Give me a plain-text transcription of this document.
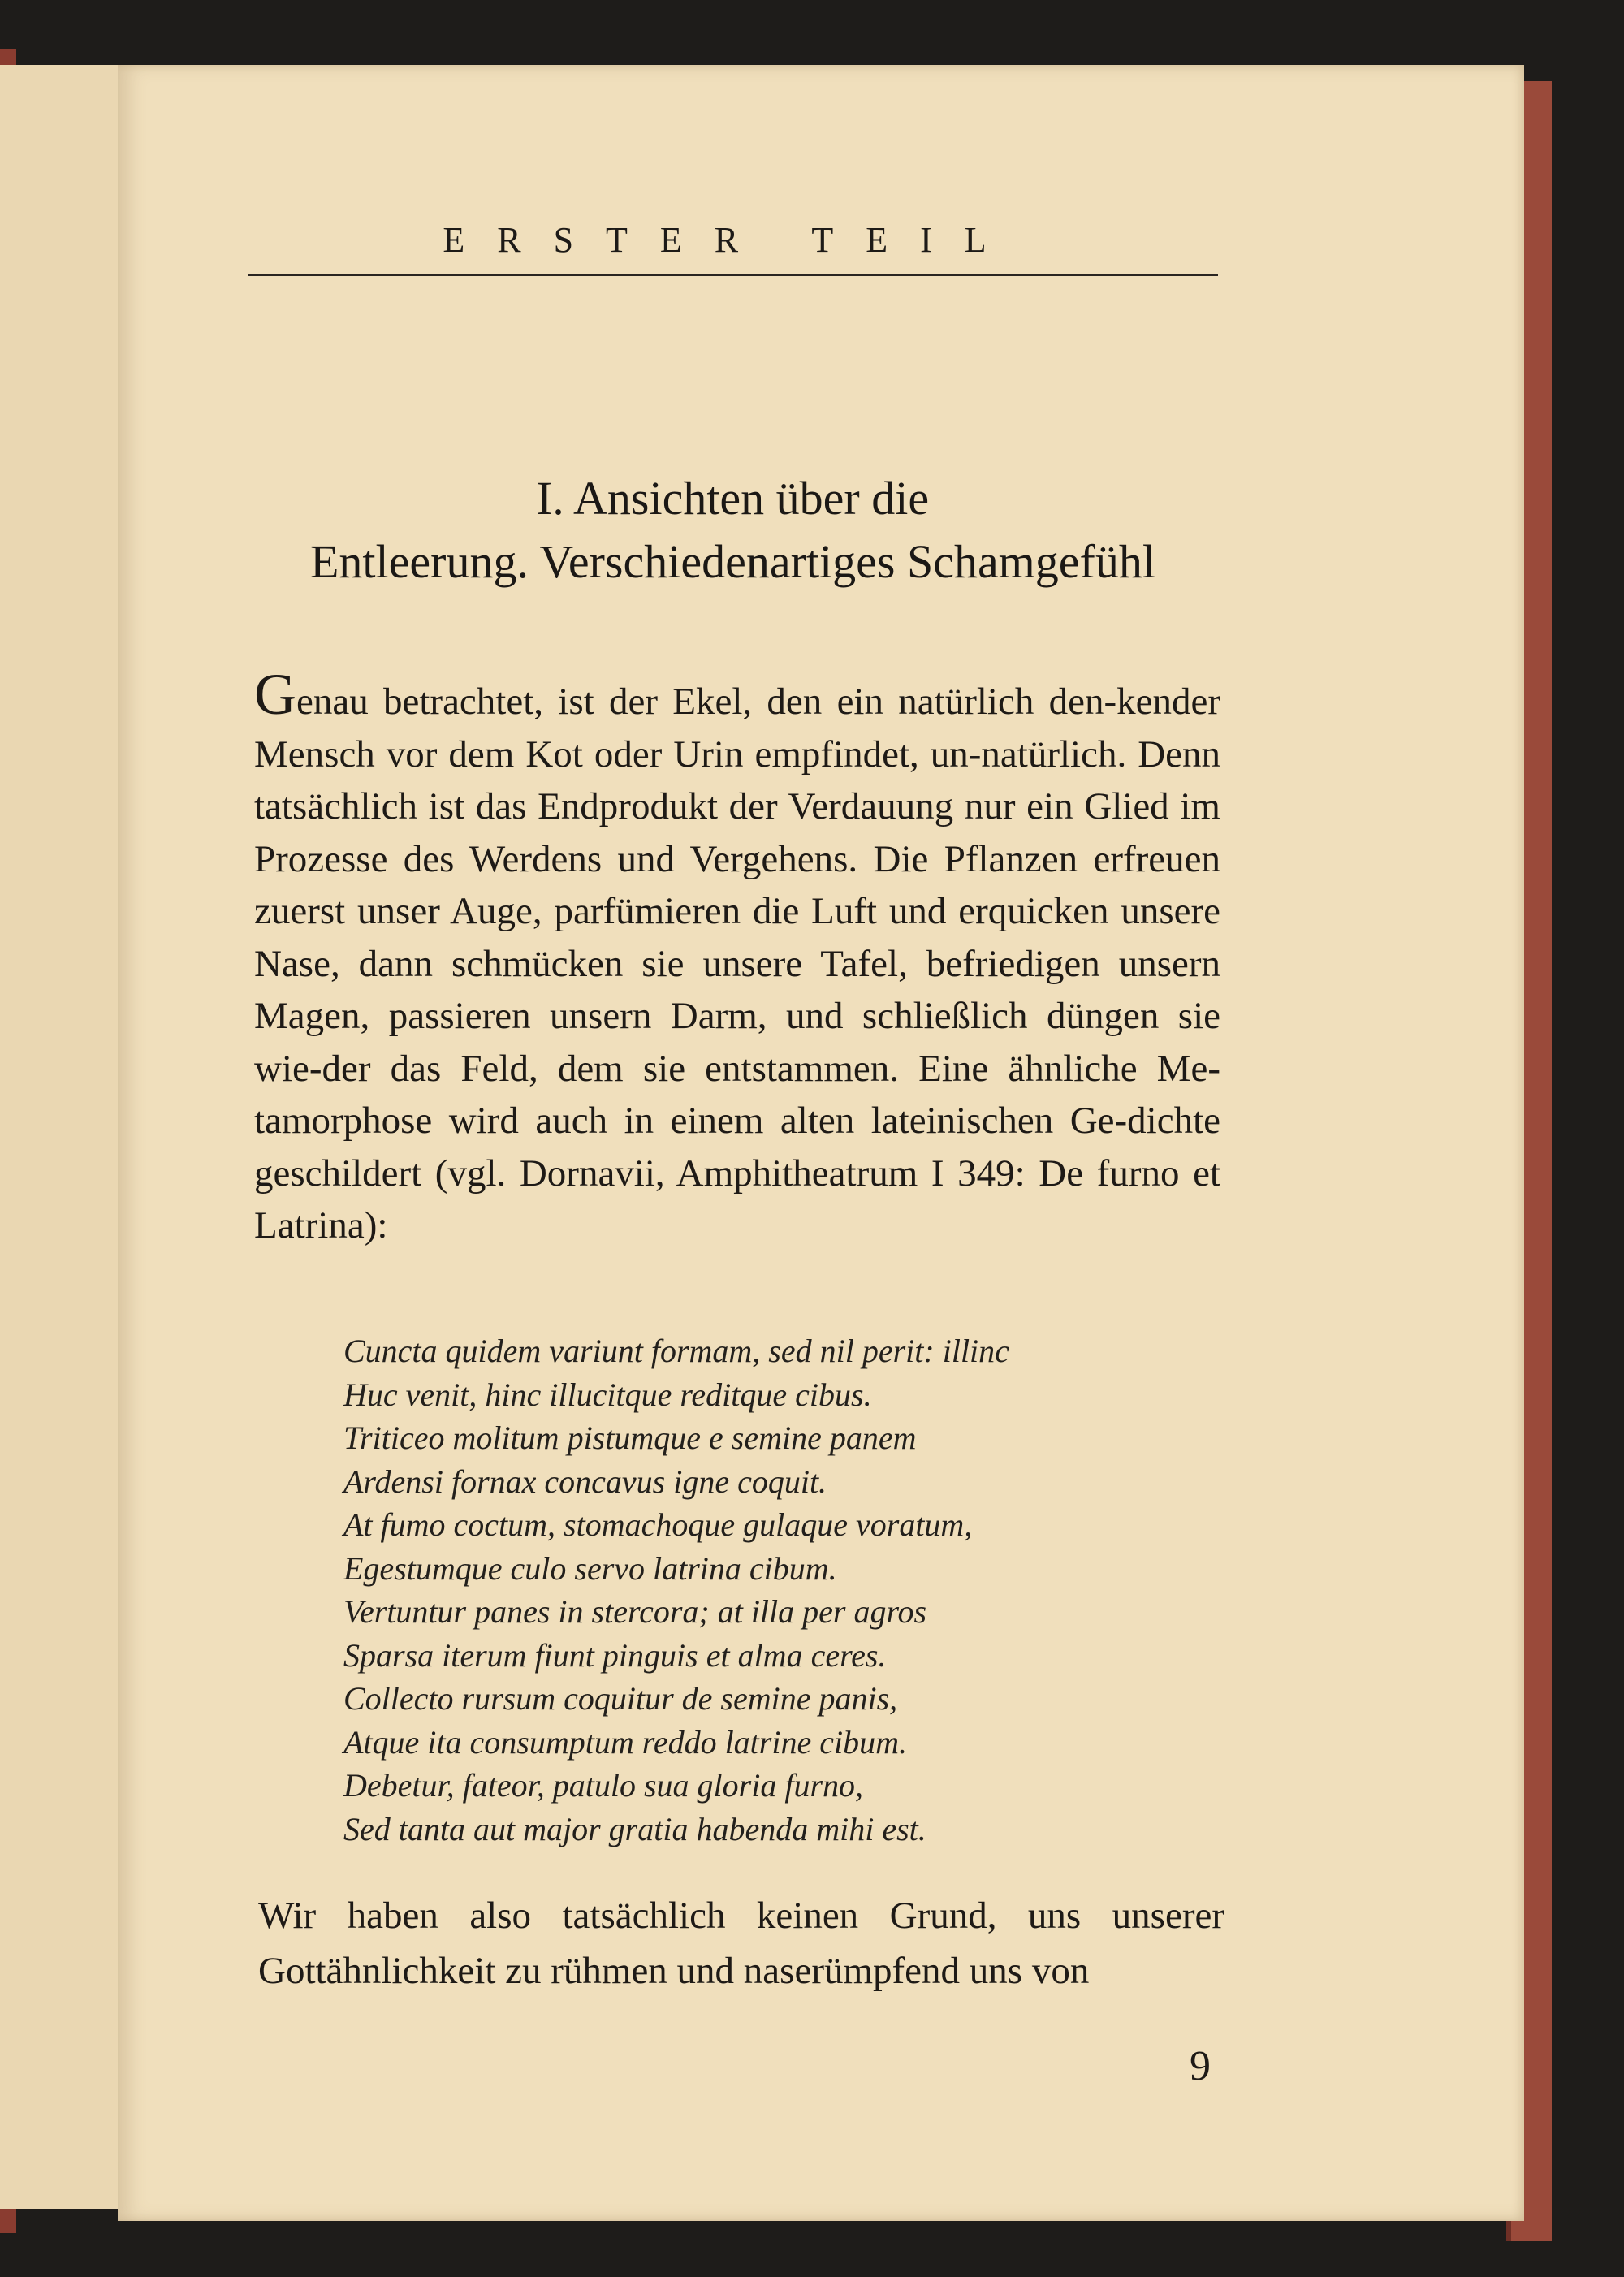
ERSTER TEIL
I. Ansichten über die
Entleerung. Verschiedenartiges Schamgefühl
Genau betrachtet, ist der Ekel, den ein natürlich den-kender Mensch vor dem Kot oder Urin empfindet, un-natürlich. Denn tatsächlich ist das Endprodukt der Verdauung nur ein Glied im Prozesse des Werdens und Vergehens. Die Pflanzen erfreuen zuerst unser Auge, parfümieren die Luft und erquicken unsere Nase, dann schmücken sie unsere Tafel, befriedigen unsern Magen, passieren unsern Darm, und schließlich düngen sie wie-der das Feld, dem sie entstammen. Eine ähnliche Me-tamorphose wird auch in einem alten lateinischen Ge-dichte geschildert (vgl. Dornavii, Amphitheatrum I 349: De furno et Latrina):
Cuncta quidem variunt formam, sed nil perit: illinc
Huc venit, hinc illucitque reditque cibus.
Triticeo molitum pistumque e semine panem
Ardensi fornax concavus igne coquit.
At fumo coctum, stomachoque gulaque voratum,
Egestumque culo servo latrina cibum.
Vertuntur panes in stercora; at illa per agros
Sparsa iterum fiunt pinguis et alma ceres.
Collecto rursum coquitur de semine panis,
Atque ita consumptum reddo latrine cibum.
Debetur, fateor, patulo sua gloria furno,
Sed tanta aut major gratia habenda mihi est.
Wir haben also tatsächlich keinen Grund, uns unserer Gottähnlichkeit zu rühmen und naserümpfend uns von
9
